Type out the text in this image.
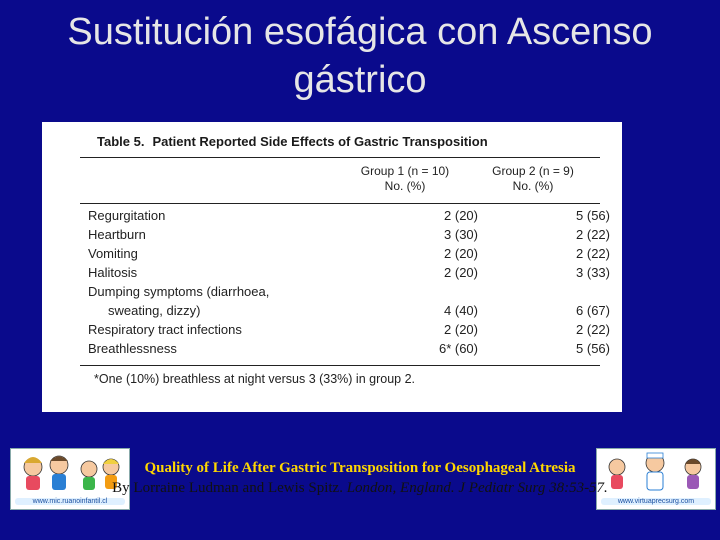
Sustitución esofágica con Ascenso
gástrico
Table 5. Patient Reported Side Effects of Gastric Transposition
Group 1 (n = 10)
No. (%)
Group 2 (n = 9)
No. (%)
Regurgitation	2 (20)	5 (56)
Heartburn	3 (30)	2 (22)
Vomiting	2 (20)	2 (22)
Halitosis	2 (20)	3 (33)
Dumping symptoms (diarrhoea,
sweating, dizzy)	4 (40)	6 (67)
Respiratory tract infections	2 (20)	2 (22)
Breathlessness	6* (60)	5 (56)
*One (10%) breathless at night versus 3 (33%) in group 2.
www.mic.ruanoinfantil.cl	www.virtuaprecsurg.com
Quality of Life After Gastric Transposition for Oesophageal Atresia
By Lorraine Ludman and Lewis Spitz. London, England. J Pediatr Surg 38:53-57.
